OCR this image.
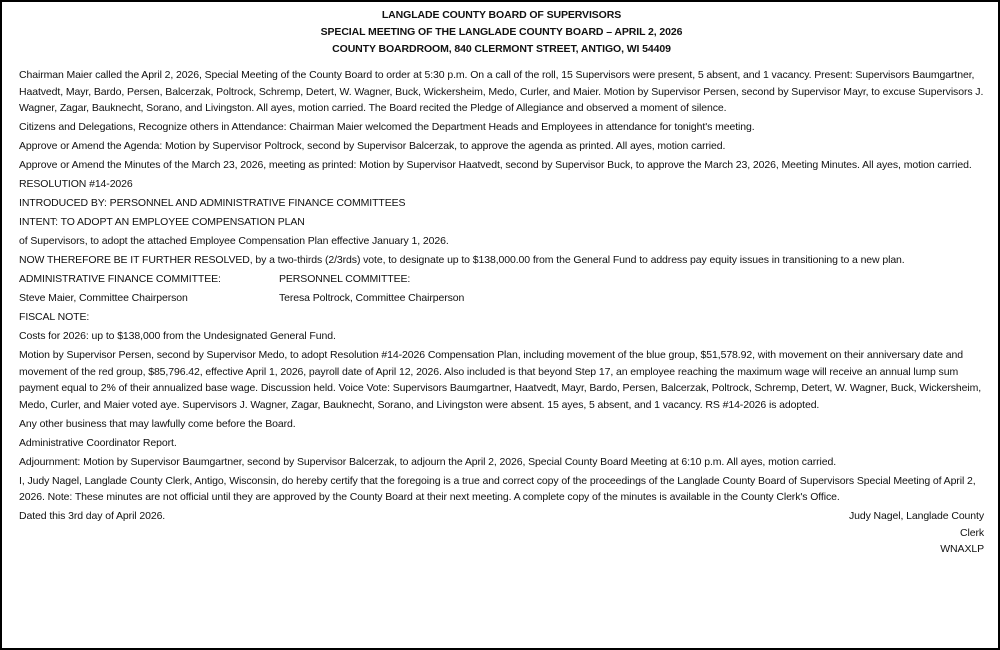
LANGLADE COUNTY BOARD OF SUPERVISORS
SPECIAL MEETING OF THE LANGLADE COUNTY BOARD – APRIL 2, 2026
COUNTY BOARDROOM, 840 CLERMONT STREET, ANTIGO, WI 54409

Chairman Maier called the April 2, 2026, Special Meeting of the County Board to order at 5:30 p.m. On a call of the roll, 15 Supervisors were present, 5 absent, and 1 vacancy. Present: Supervisors Baumgartner, Haatvedt, Mayr, Bardo, Persen, Balcerzak, Poltrock, Schremp, Detert, W. Wagner, Buck, Wickersheim, Medo, Curler, and Maier. Motion by Supervisor Persen, second by Supervisor Mayr, to excuse Supervisors J. Wagner, Zagar, Bauknecht, Sorano, and Livingston. All ayes, motion carried. The Board recited the Pledge of Allegiance and observed a moment of silence.

Citizens and Delegations, Recognize others in Attendance: Chairman Maier welcomed the Department Heads and Employees in attendance for tonight's meeting.

Approve or Amend the Agenda: Motion by Supervisor Poltrock, second by Supervisor Balcerzak, to approve the agenda as printed. All ayes, motion carried.

Approve or Amend the Minutes of the March 23, 2026, meeting as printed: Motion by Supervisor Haatvedt, second by Supervisor Buck, to approve the March 23, 2026, Meeting Minutes. All ayes, motion carried.

RESOLUTION #14-2026

INTRODUCED BY: PERSONNEL AND ADMINISTRATIVE FINANCE COMMITTEES

INTENT: TO ADOPT AN EMPLOYEE COMPENSATION PLAN

of Supervisors, to adopt the attached Employee Compensation Plan effective January 1, 2026.

NOW THEREFORE BE IT FURTHER RESOLVED, by a two-thirds (2/3rds) vote, to designate up to $138,000.00 from the General Fund to address pay equity issues in transitioning to a new plan.

ADMINISTRATIVE FINANCE COMMITTEE:	PERSONNEL COMMITTEE:
Steve Maier, Committee Chairperson	Teresa Poltrock, Committee Chairperson

FISCAL NOTE:

Costs for 2026: up to $138,000 from the Undesignated General Fund.

Motion by Supervisor Persen, second by Supervisor Medo, to adopt Resolution #14-2026 Compensation Plan, including movement of the blue group, $51,578.92, with movement on their anniversary date and movement of the red group, $85,796.42, effective April 1, 2026, payroll date of April 12, 2026. Also included is that beyond Step 17, an employee reaching the maximum wage will receive an annual lump sum payment equal to 2% of their annualized base wage. Discussion held. Voice Vote: Supervisors Baumgartner, Haatvedt, Mayr, Bardo, Persen, Balcerzak, Poltrock, Schremp, Detert, W. Wagner, Buck, Wickersheim, Medo, Curler, and Maier voted aye. Supervisors J. Wagner, Zagar, Bauknecht, Sorano, and Livingston were absent. 15 ayes, 5 absent, and 1 vacancy. RS #14-2026 is adopted.

Any other business that may lawfully come before the Board.

Administrative Coordinator Report.

Adjournment: Motion by Supervisor Baumgartner, second by Supervisor Balcerzak, to adjourn the April 2, 2026, Special County Board Meeting at 6:10 p.m. All ayes, motion carried.

I, Judy Nagel, Langlade County Clerk, Antigo, Wisconsin, do hereby certify that the foregoing is a true and correct copy of the proceedings of the Langlade County Board of Supervisors Special Meeting of April 2, 2026. Note: These minutes are not official until they are approved by the County Board at their next meeting. A complete copy of the minutes is available in the County Clerk's Office.

Dated this 3rd day of April 2026.	Judy Nagel, Langlade County
Clerk
WNAXLP
